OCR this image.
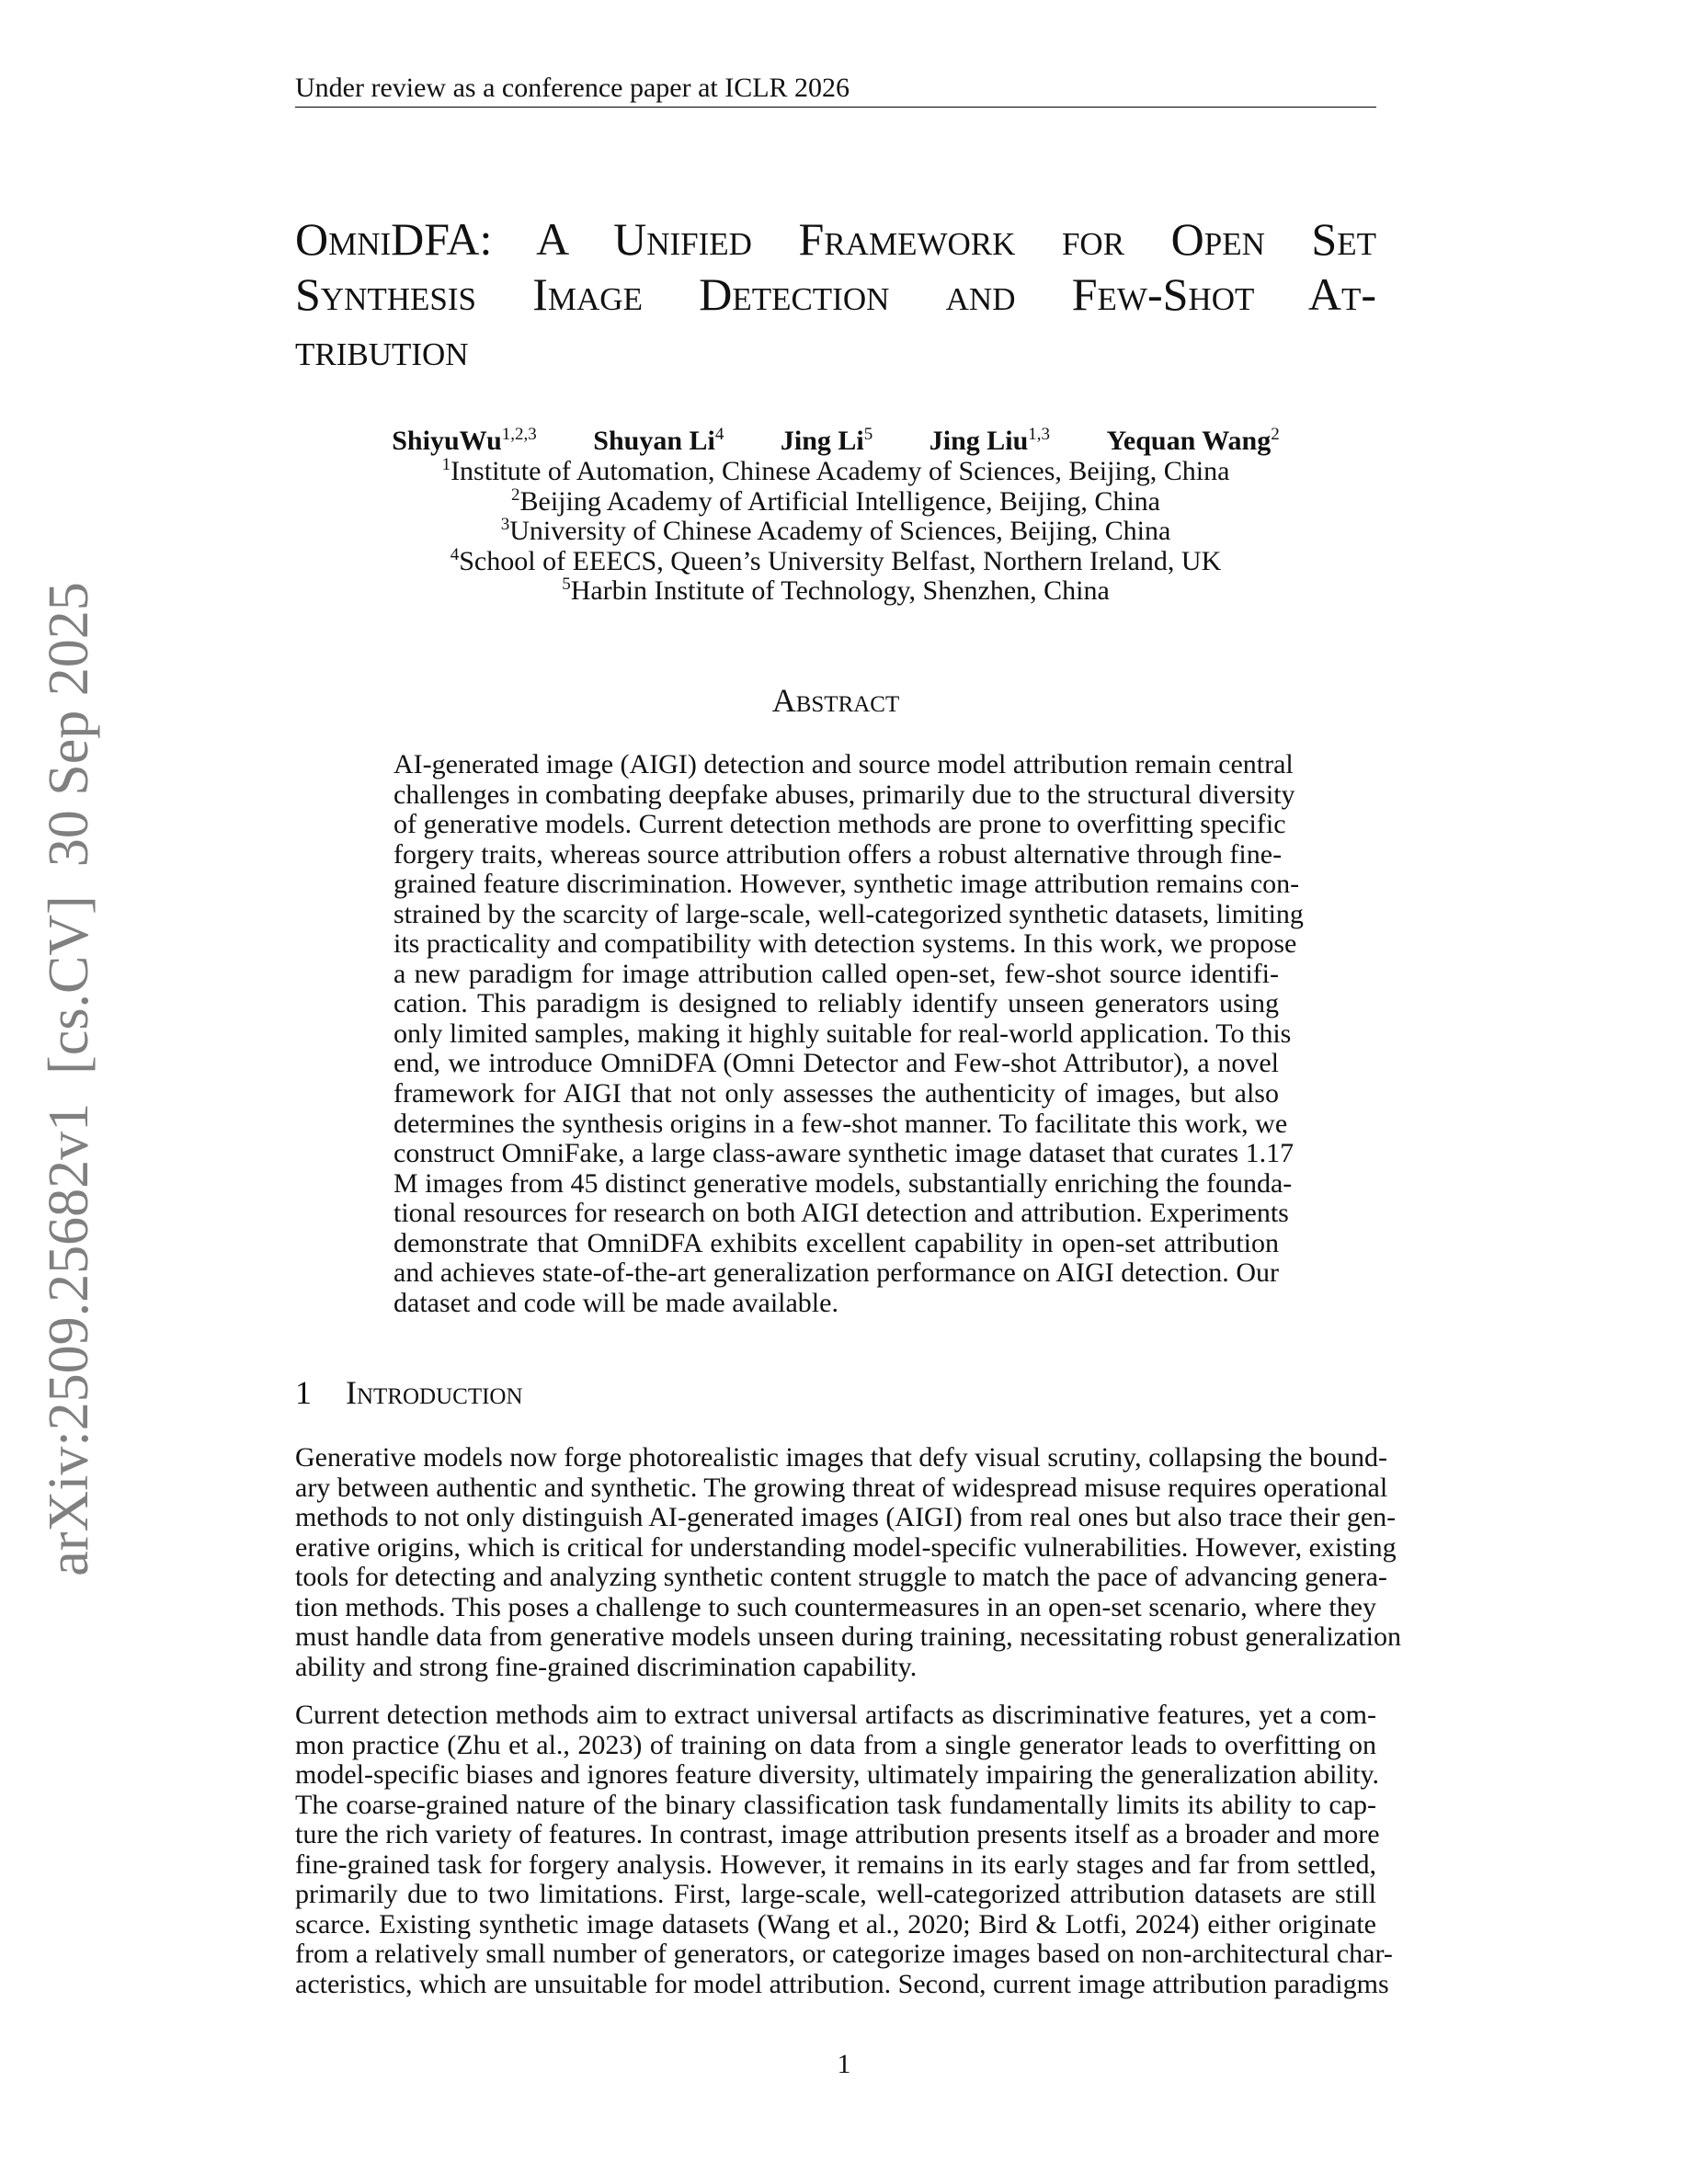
arXiv:2509.25682v1  [cs.CV]  30 Sep 2025
Under review as a conference paper at ICLR 2026
OmniDFA: A Unified Framework for Open Set
Synthesis Image Detection and Few-Shot At-
tribution
ShiyuWu$^{1,2,3}$ Shuyan Li$^4$ Jing Li$^5$ Jing Liu$^{1,3}$ Yequan Wang$^2$
$^1$Institute of Automation, Chinese Academy of Sciences, Beijing, China
$^2$Beijing Academy of Artificial Intelligence, Beijing, China
$^3$University of Chinese Academy of Sciences, Beijing, China
$^4$School of EEECS, Queen’s University Belfast, Northern Ireland, UK
$^5$Harbin Institute of Technology, Shenzhen, China
Abstract
AI-generated image (AIGI) detection and source model attribution remain central
challenges in combating deepfake abuses, primarily due to the structural diversity
of generative models. Current detection methods are prone to overfitting specific
forgery traits, whereas source attribution offers a robust alternative through fine-
grained feature discrimination. However, synthetic image attribution remains con-
strained by the scarcity of large-scale, well-categorized synthetic datasets, limiting
its practicality and compatibility with detection systems. In this work, we propose
a new paradigm for image attribution called open-set, few-shot source identifi-
cation. This paradigm is designed to reliably identify unseen generators using
only limited samples, making it highly suitable for real-world application. To this
end, we introduce OmniDFA (Omni Detector and Few-shot Attributor), a novel
framework for AIGI that not only assesses the authenticity of images, but also
determines the synthesis origins in a few-shot manner. To facilitate this work, we
construct OmniFake, a large class-aware synthetic image dataset that curates 1.17
M images from 45 distinct generative models, substantially enriching the founda-
tional resources for research on both AIGI detection and attribution. Experiments
demonstrate that OmniDFA exhibits excellent capability in open-set attribution
and achieves state-of-the-art generalization performance on AIGI detection. Our
dataset and code will be made available.
1 Introduction
Generative models now forge photorealistic images that defy visual scrutiny, collapsing the bound-
ary between authentic and synthetic. The growing threat of widespread misuse requires operational
methods to not only distinguish AI-generated images (AIGI) from real ones but also trace their gen-
erative origins, which is critical for understanding model-specific vulnerabilities. However, existing
tools for detecting and analyzing synthetic content struggle to match the pace of advancing genera-
tion methods. This poses a challenge to such countermeasures in an open-set scenario, where they
must handle data from generative models unseen during training, necessitating robust generalization
ability and strong fine-grained discrimination capability.
Current detection methods aim to extract universal artifacts as discriminative features, yet a com-
mon practice (Zhu et al., 2023) of training on data from a single generator leads to overfitting on
model-specific biases and ignores feature diversity, ultimately impairing the generalization ability.
The coarse-grained nature of the binary classification task fundamentally limits its ability to cap-
ture the rich variety of features. In contrast, image attribution presents itself as a broader and more
fine-grained task for forgery analysis. However, it remains in its early stages and far from settled,
primarily due to two limitations. First, large-scale, well-categorized attribution datasets are still
scarce. Existing synthetic image datasets (Wang et al., 2020; Bird & Lotfi, 2024) either originate
from a relatively small number of generators, or categorize images based on non-architectural char-
acteristics, which are unsuitable for model attribution. Second, current image attribution paradigms
1
